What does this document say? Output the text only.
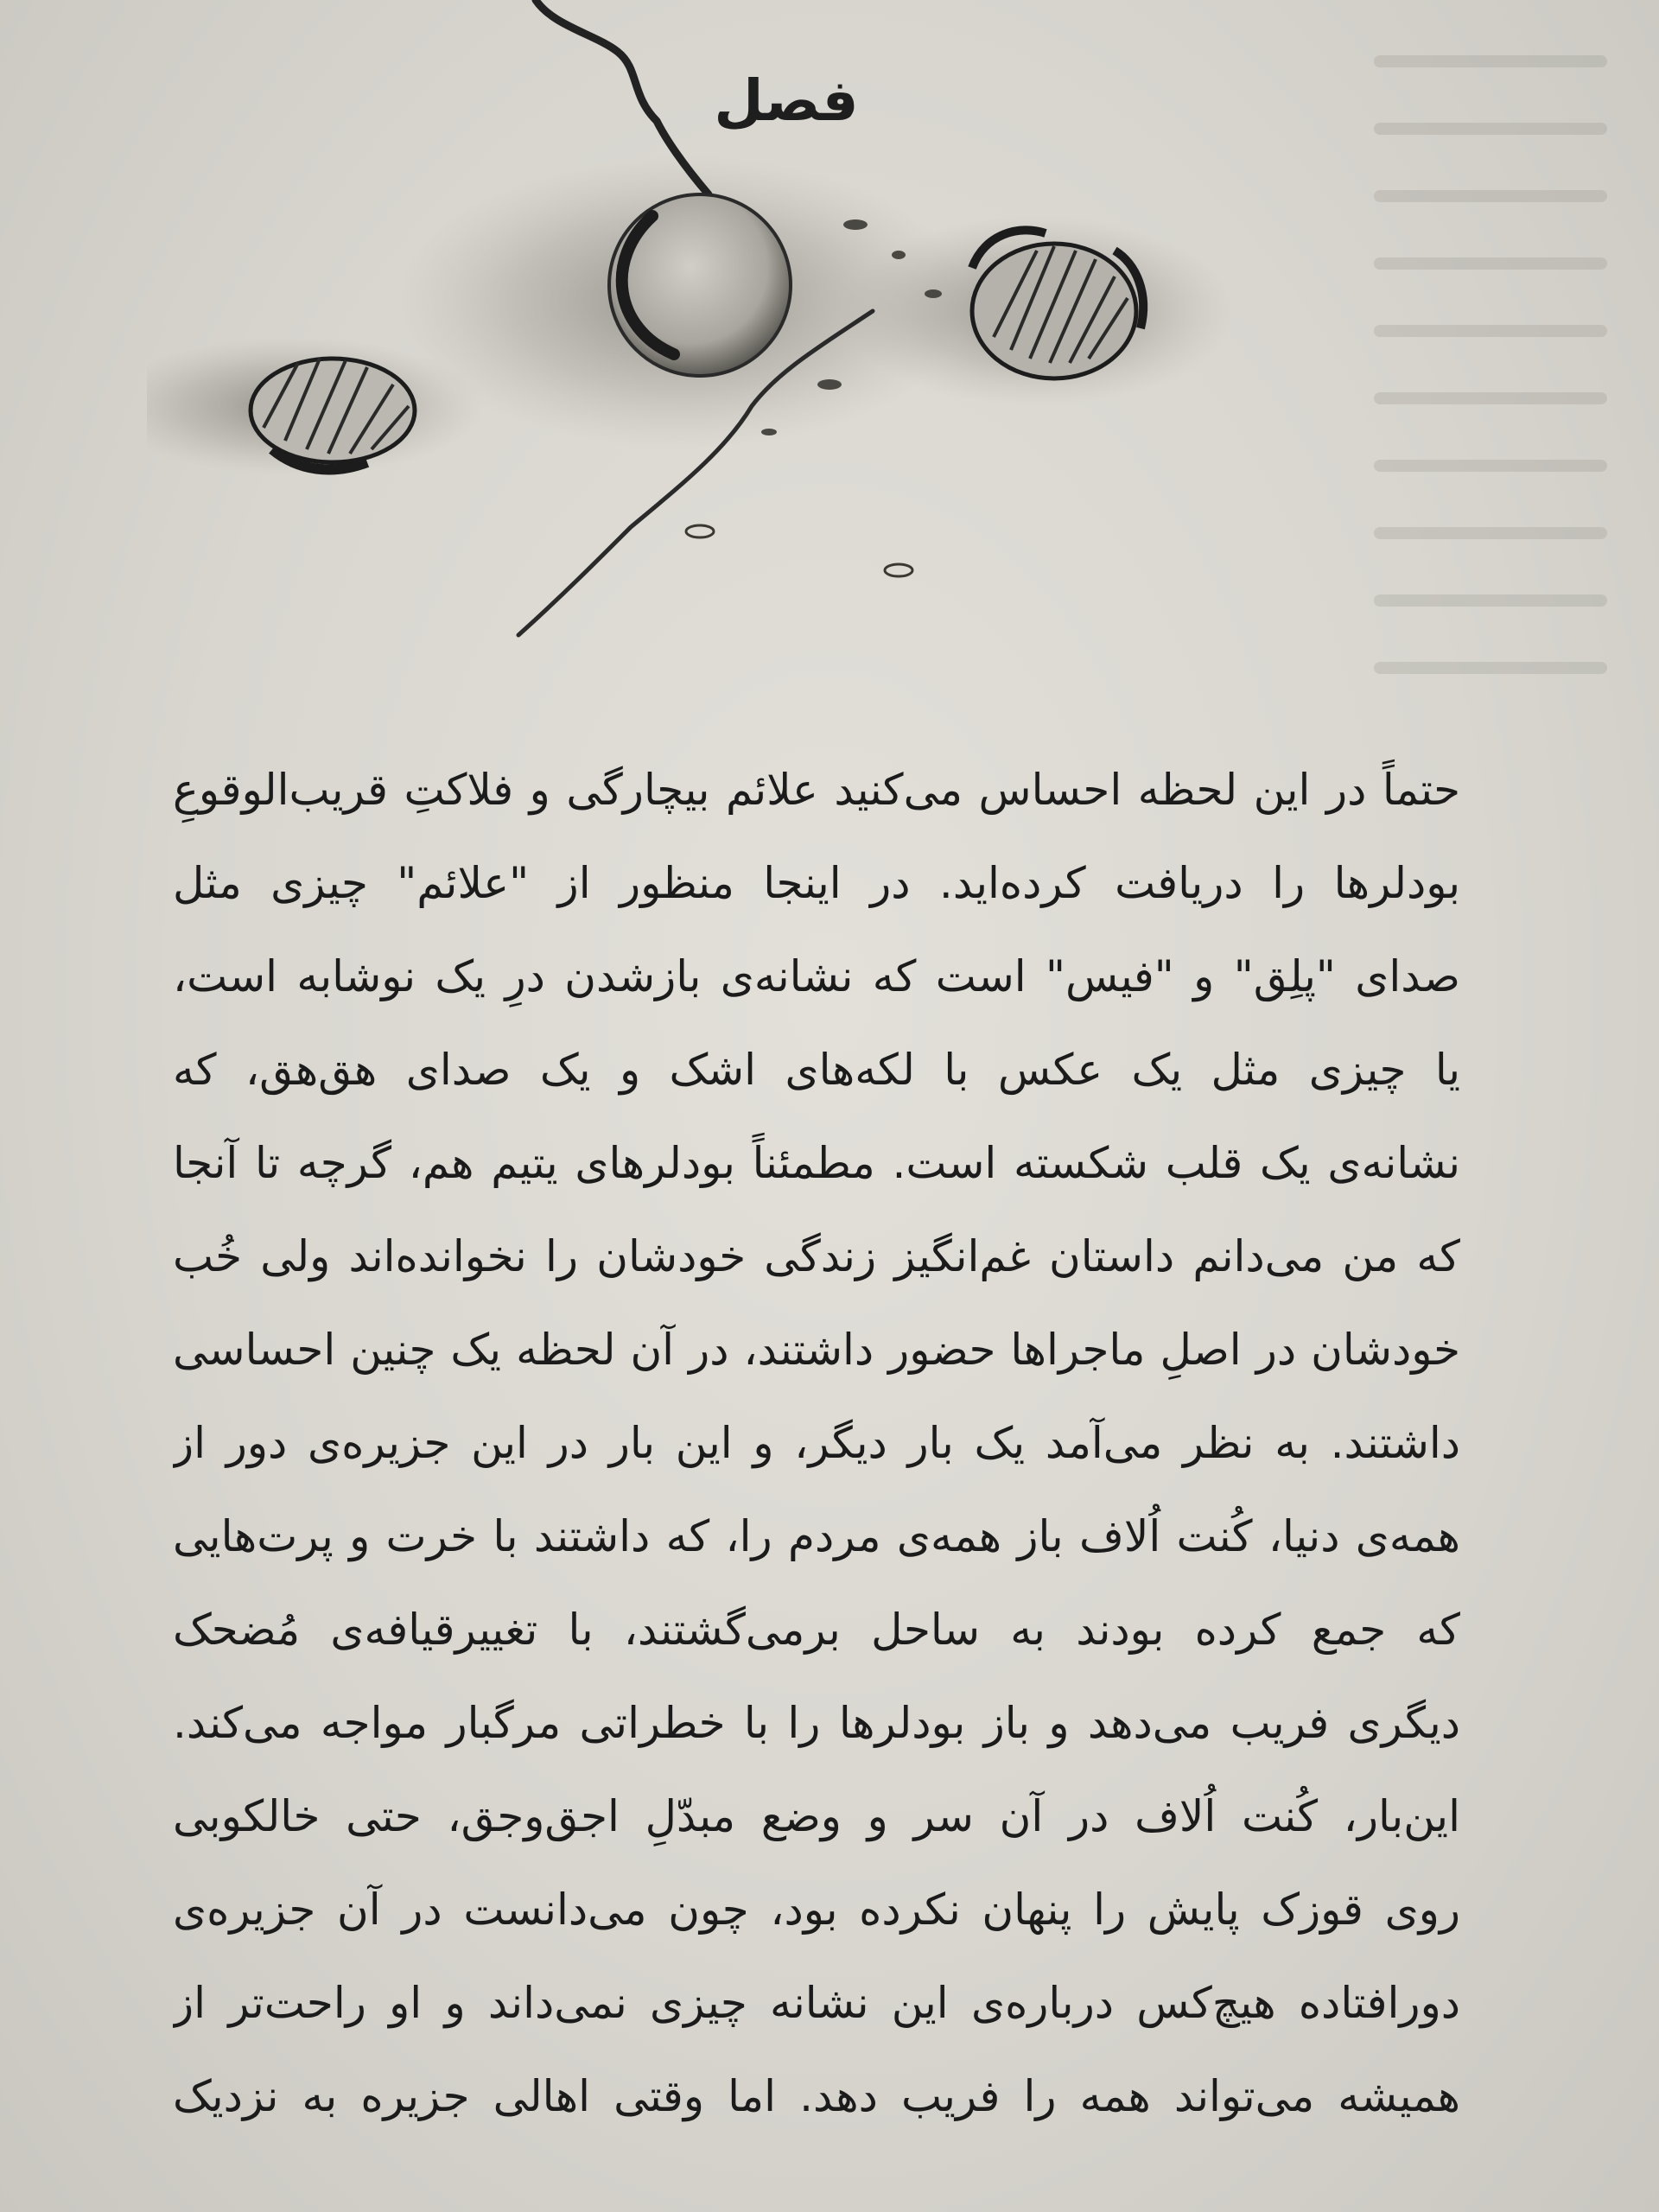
فصل
حتماً در این لحظه احساس می‌کنید علائم بیچارگی و فلاکتِ قریب‌الوقوعِ
بودلرها را دریافت کرده‌اید. در اینجا منظور از "علائم" چیزی مثل
صدای "پلِق" و "فیس" است که نشانه‌ی بازشدن درِ یک نوشابه است،
یا چیزی مثل یک عکس با لکه‌های اشک و یک صدای هق‌هق، که
نشانه‌ی یک قلب شکسته است. مطمئناً بودلرهای یتیم هم، گرچه تا آنجا
که من می‌دانم داستان غم‌انگیز زندگی خودشان را نخوانده‌اند ولی خُب
خودشان در اصلِ ماجراها حضور داشتند، در آن لحظه یک چنین احساسی
داشتند. به نظر می‌آمد یک بار دیگر، و این بار در این جزیره‌ی دور از
همه‌ی دنیا، کُنت اُلاف باز همه‌ی مردم را، که داشتند با خرت و پرت‌هایی
که جمع کرده بودند به ساحل برمی‌گشتند، با تغییرقیافه‌ی مُضحک
دیگری فریب می‌دهد و باز بودلرها را با خطراتی مرگبار مواجه می‌کند.
این‌بار، کُنت اُلاف در آن سر و وضع مبدّلِ اجق‌وجق، حتی خالکوبی
روی قوزک پایش را پنهان نکرده بود، چون می‌دانست در آن جزیره‌ی
دورافتاده هیچ‌کس درباره‌ی این نشانه چیزی نمی‌داند و او راحت‌تر از
همیشه می‌تواند همه را فریب دهد. اما وقتی اهالی جزیره به نزدیک
